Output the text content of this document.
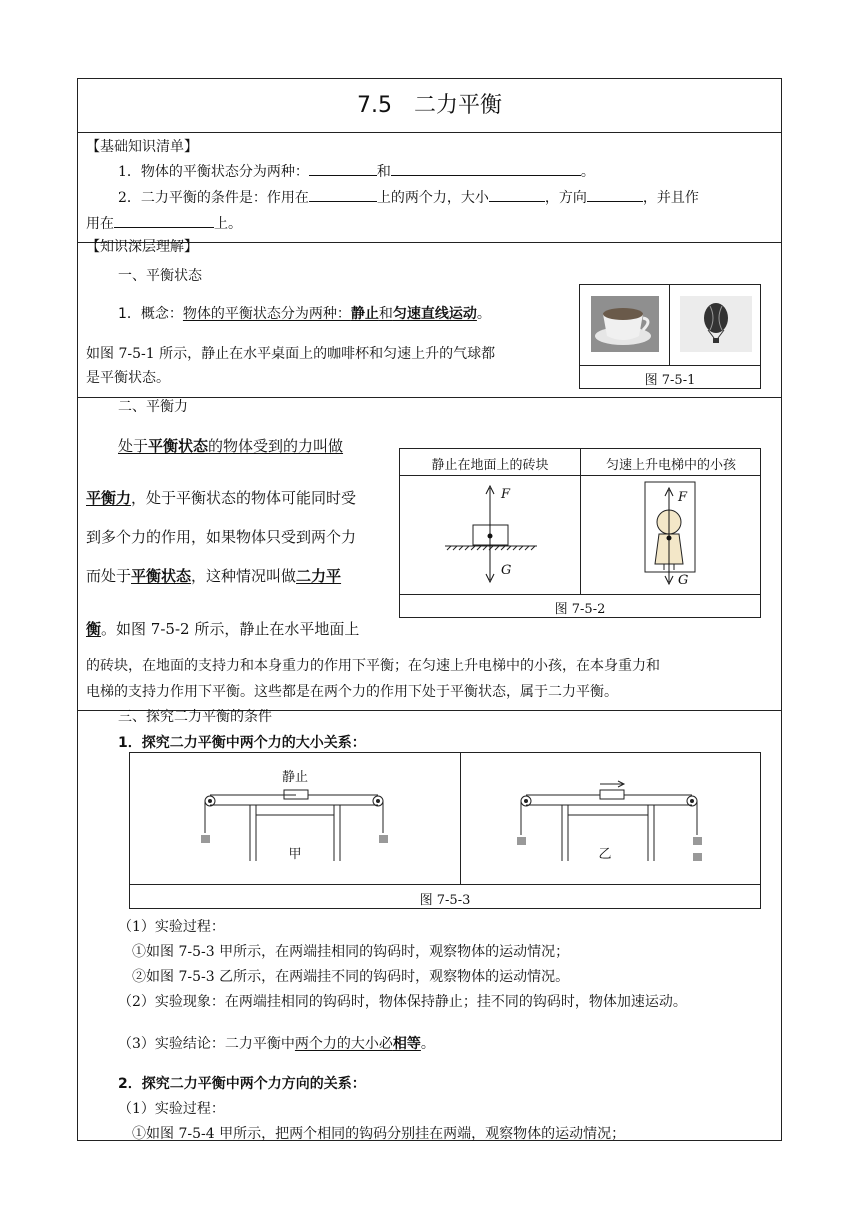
7.5　二力平衡
【基础知识清单】
1．物体的平衡状态分为两种：	和	。
2．二力平衡的条件是：作用在	上的两个力，大小	，方向	，并且作
用在	上。
【知识深层理解】
一、平衡状态
1．概念：物体的平衡状态分为两种：静止和匀速直线运动。
如图 7-5-1 所示，静止在水平桌面上的咖啡杯和匀速上升的气球都
是平衡状态。	图 7-5-1
二、平衡力
处于平衡状态的物体受到的力叫做
平衡力，处于平衡状态的物体可能同时受
到多个力的作用，如果物体只受到两个力
而处于平衡状态，这种情况叫做二力平
衡。如图 7-5-2 所示，静止在水平地面上
的砖块，在地面的支持力和本身重力的作用下平衡；在匀速上升电梯中的小孩，在本身重力和
电梯的支持力作用下平衡。这些都是在两个力的作用下处于平衡状态，属于二力平衡。
静止在地面上的砖块	匀速上升电梯中的小孩
F
G
F
G
图 7-5-2
三、探究二力平衡的条件
1．探究二力平衡中两个力的大小关系：
静止
甲	乙
图 7-5-3
（1）实验过程：
①如图 7-5-3 甲所示，在两端挂相同的钩码时，观察物体的运动情况；
②如图 7-5-3 乙所示，在两端挂不同的钩码时，观察物体的运动情况。
（2）实验现象：在两端挂相同的钩码时，物体保持静止；挂不同的钩码时，物体加速运动。
（3）实验结论：二力平衡中两个力的大小必相等。
2．探究二力平衡中两个力方向的关系：
（1）实验过程：
①如图 7-5-4 甲所示，把两个相同的钩码分别挂在两端，观察物体的运动情况；
